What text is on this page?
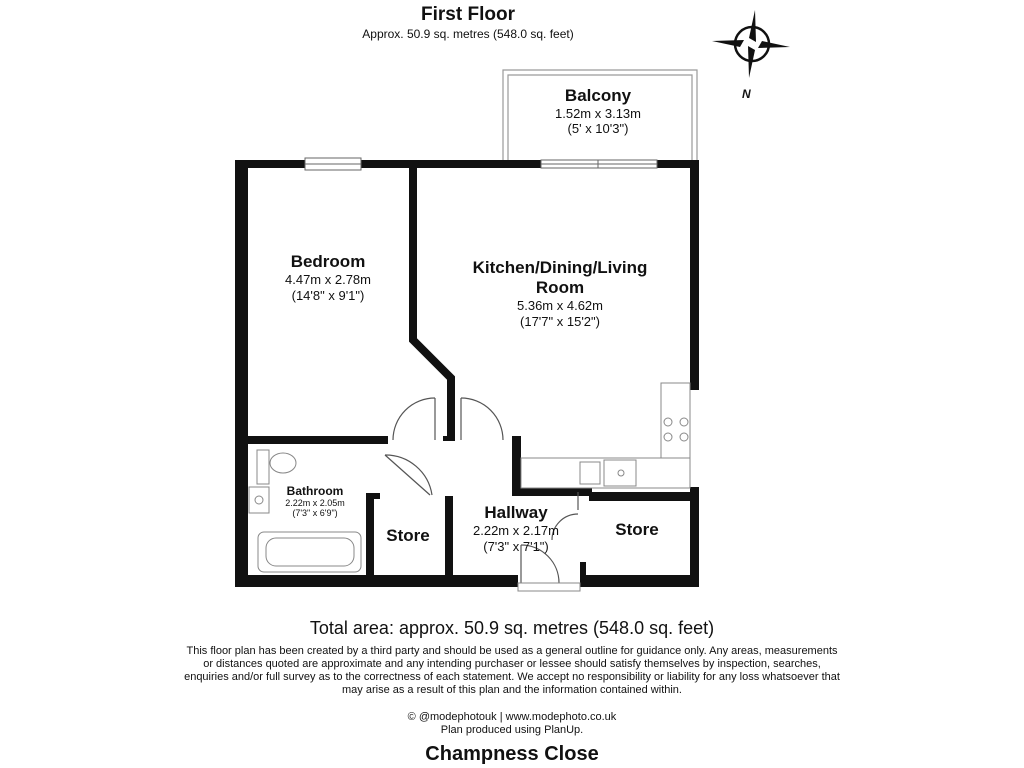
First Floor
Approx. 50.9 sq. metres (548.0 sq. feet)
N
Balcony
1.52m x 3.13m
(5' x 10'3")
Bedroom
4.47m x 2.78m
(14'8" x 9'1")
Kitchen/Dining/Living Room
5.36m x 4.62m
(17'7" x 15'2")
Bathroom
2.22m x 2.05m
(7'3" x 6'9")
Store
Hallway
2.22m x 2.17m
(7'3" x 7'1")
Store
Total area: approx. 50.9 sq. metres (548.0 sq. feet)
This floor plan has been created by a third party and should be used as a general outline for guidance only. Any areas, measurements
or distances quoted are approximate and any intending purchaser or lessee should satisfy themselves by inspection, searches,
enquiries and/or full survey as to the correctness of each statement. We accept no responsibility or liability for any loss whatsoever that
may arise as a result of this plan and the information contained within.
© @modephotouk | www.modephoto.co.uk
Plan produced using PlanUp.
Champness Close
